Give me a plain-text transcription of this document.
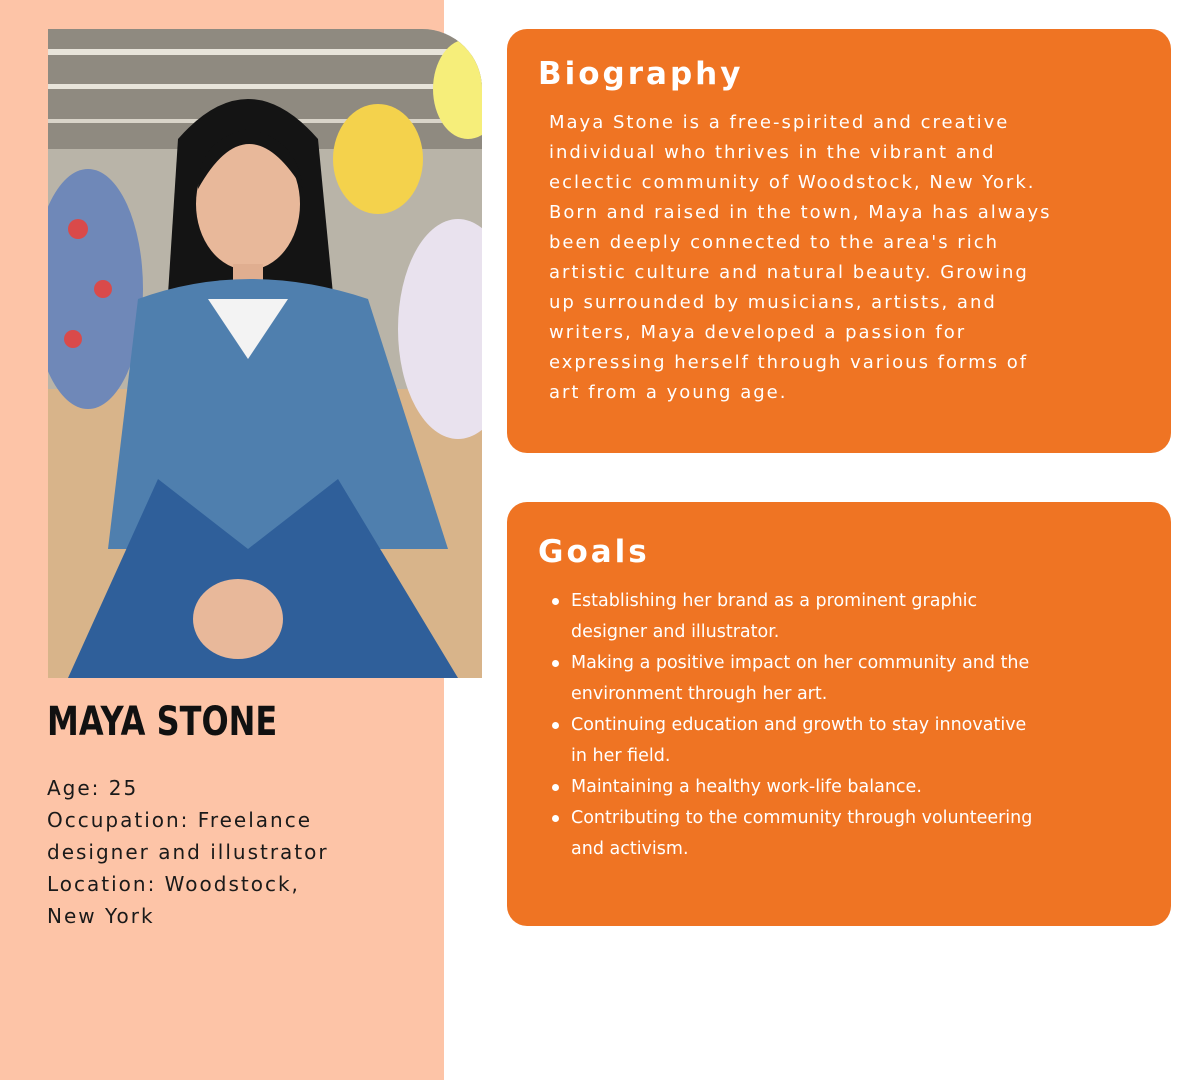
MAYA STONE
Age: 25
Occupation: Freelance
designer and illustrator
Location: Woodstock,
New York
Biography

Maya Stone is a free-spirited and creative
individual who thrives in the vibrant and
eclectic community of Woodstock, New York.
Born and raised in the town, Maya has always
been deeply connected to the area's rich
artistic culture and natural beauty. Growing
up surrounded by musicians, artists, and
writers, Maya developed a passion for
expressing herself through various forms of
art from a young age.

Goals
Establishing her brand as a prominent graphic
designer and illustrator.
Making a positive impact on her community and the
environment through her art.
Continuing education and growth to stay innovative
in her field.
Maintaining a healthy work-life balance.
Contributing to the community through volunteering
and activism.
